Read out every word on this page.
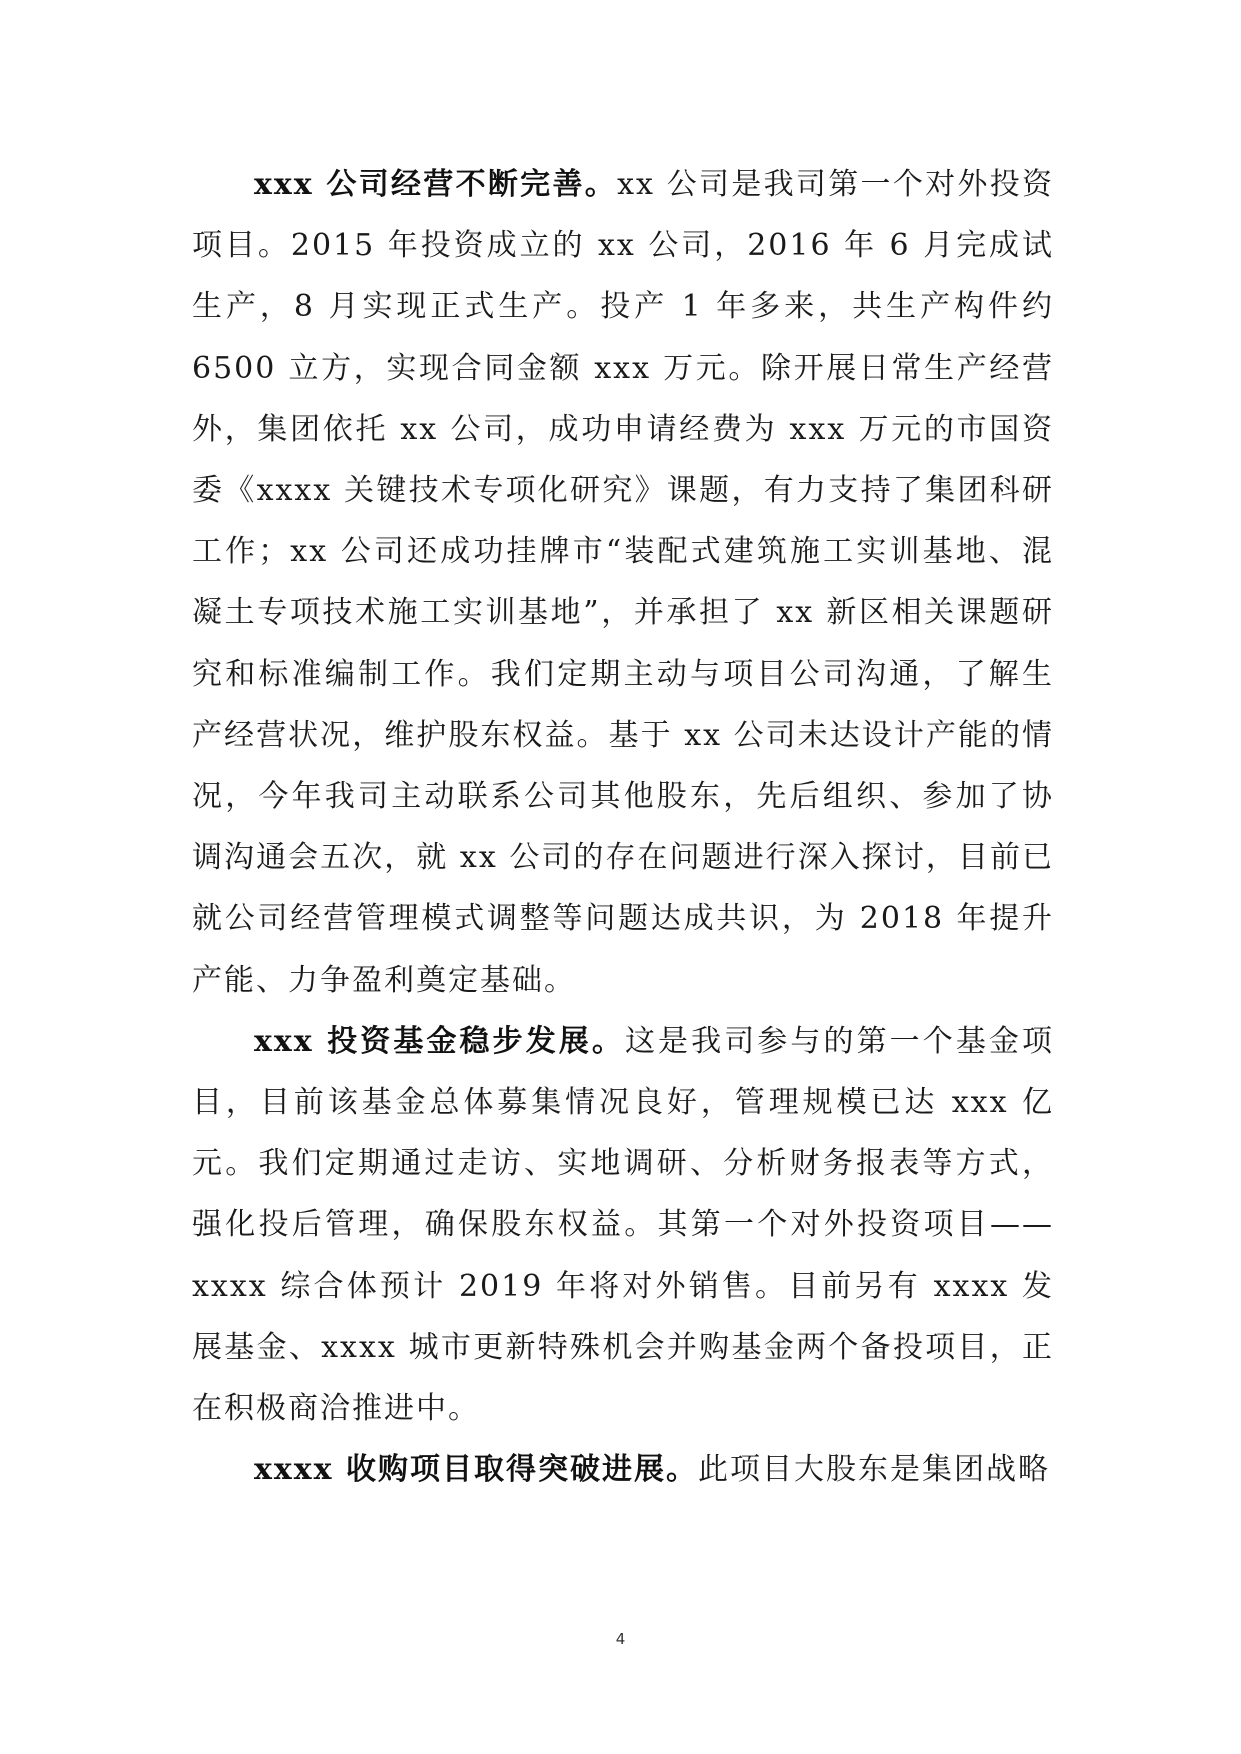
xxx 公司经营不断完善。xx 公司是我司第一个对外投资项目。2015 年投资成立的 xx 公司，2016 年 6 月完成试生产，8 月实现正式生产。投产 1 年多来，共生产构件约 6500 立方，实现合同金额 xxx 万元。除开展日常生产经营外，集团依托 xx 公司，成功申请经费为 xxx 万元的市国资委《xxxx 关键技术专项化研究》课题，有力支持了集团科研工作；xx 公司还成功挂牌市“装配式建筑施工实训基地、混凝土专项技术施工实训基地”，并承担了 xx 新区相关课题研究和标准编制工作。我们定期主动与项目公司沟通，了解生产经营状况，维护股东权益。基于 xx 公司未达设计产能的情况，今年我司主动联系公司其他股东，先后组织、参加了协调沟通会五次，就 xx 公司的存在问题进行深入探讨，目前已就公司经营管理模式调整等问题达成共识，为 2018 年提升产能、力争盈利奠定基础。

xxx 投资基金稳步发展。这是我司参与的第一个基金项目，目前该基金总体募集情况良好，管理规模已达 xxx 亿元。我们定期通过走访、实地调研、分析财务报表等方式，强化投后管理，确保股东权益。其第一个对外投资项目——xxxx 综合体预计 2019 年将对外销售。目前另有 xxxx 发展基金、xxxx 城市更新特殊机会并购基金两个备投项目，正在积极商洽推进中。

xxxx 收购项目取得突破进展。此项目大股东是集团战略

4
